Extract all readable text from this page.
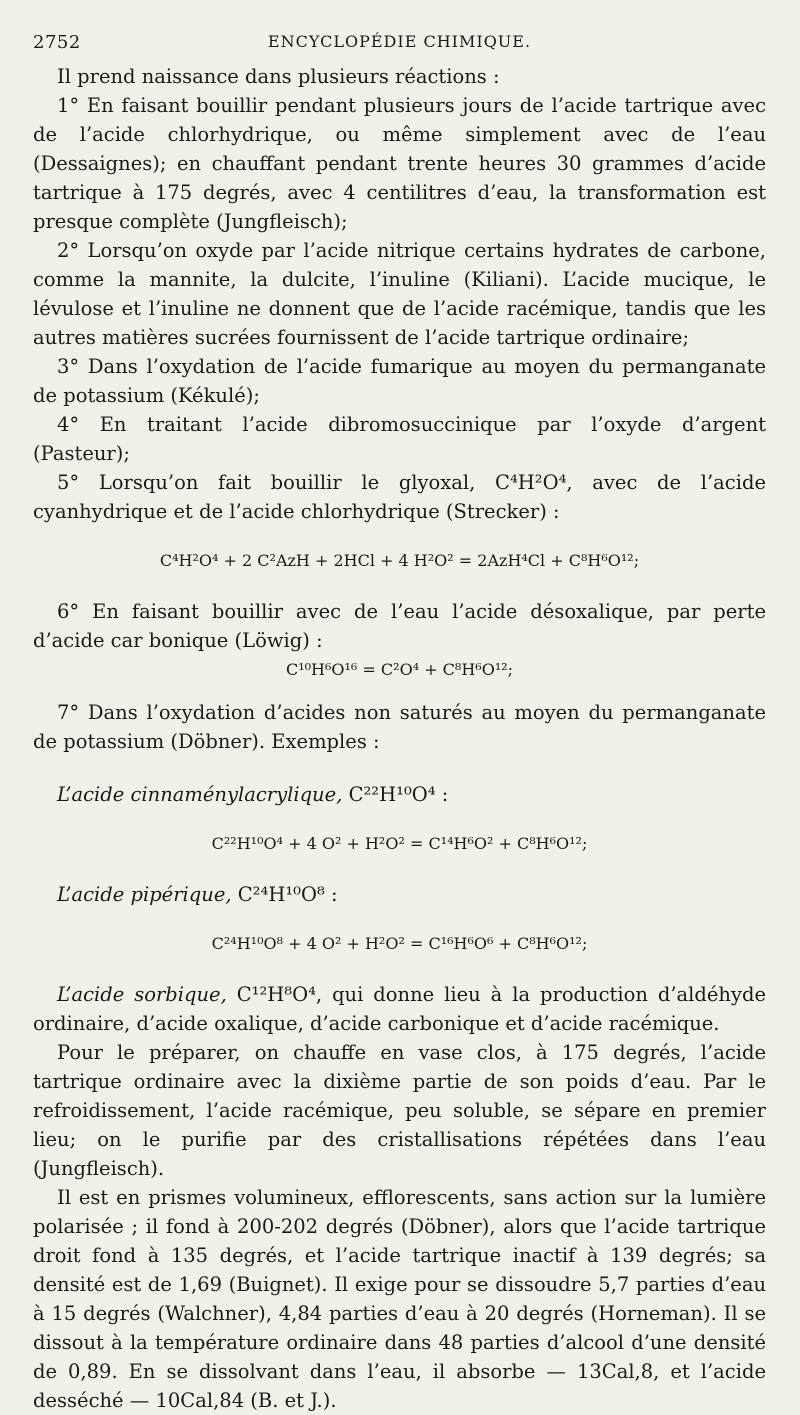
2752	ENCYCLOPÉDIE CHIMIQUE.

Il prend naissance dans plusieurs réactions :

1° En faisant bouillir pendant plusieurs jours de l’acide tartrique avec de l’acide chlorhydrique, ou même simplement avec de l’eau (Dessaignes); en chauffant pendant trente heures 30 grammes d’acide tartrique à 175 degrés, avec 4 centilitres d’eau, la transformation est presque complète (Jungfleisch);

2° Lorsqu’on oxyde par l’acide nitrique certains hydrates de carbone, comme la mannite, la dulcite, l’inuline (Kiliani). L’acide mucique, le lévulose et l’inuline ne donnent que de l’acide racémique, tandis que les autres matières sucrées fournissent de l’acide tartrique ordinaire;

3° Dans l’oxydation de l’acide fumarique au moyen du permanganate de potassium (Kékulé);

4° En traitant l’acide dibromosuccinique par l’oxyde d’argent (Pasteur);

5° Lorsqu’on fait bouillir le glyoxal, C⁴H²O⁴, avec de l’acide cyanhydrique et de l’acide chlorhydrique (Strecker) :

C⁴H²O⁴ + 2 C²AzH + 2HCl + 4 H²O² = 2AzH⁴Cl + C⁸H⁶O¹²;

6° En faisant bouillir avec de l’eau l’acide désoxalique, par perte d’acide car bonique (Löwig) :

C¹⁰H⁶O¹⁶ = C²O⁴ + C⁸H⁶O¹²;

7° Dans l’oxydation d’acides non saturés au moyen du permanganate de potassium (Döbner). Exemples :

L’acide cinnaménylacrylique, C²²H¹⁰O⁴ :

C²²H¹⁰O⁴ + 4 O² + H²O² = C¹⁴H⁶O² + C⁸H⁶O¹²;

L’acide pipérique, C²⁴H¹⁰O⁸ :

C²⁴H¹⁰O⁸ + 4 O² + H²O² = C¹⁶H⁶O⁶ + C⁸H⁶O¹²;

L’acide sorbique, C¹²H⁸O⁴, qui donne lieu à la production d’aldéhyde ordinaire, d’acide oxalique, d’acide carbonique et d’acide racémique.

Pour le préparer, on chauffe en vase clos, à 175 degrés, l’acide tartrique ordinaire avec la dixième partie de son poids d’eau. Par le refroidissement, l’acide racémique, peu soluble, se sépare en premier lieu; on le purifie par des cristallisations répétées dans l’eau (Jungfleisch).

Il est en prismes volumineux, efflorescents, sans action sur la lumière polarisée ; il fond à 200-202 degrés (Döbner), alors que l’acide tartrique droit fond à 135 degrés, et l’acide tartrique inactif à 139 degrés; sa densité est de 1,69 (Buignet). Il exige pour se dissoudre 5,7 parties d’eau à 15 degrés (Walchner), 4,84 parties d’eau à 20 degrés (Horneman). Il se dissout à la température ordinaire dans 48 parties d’alcool d’une densité de 0,89. En se dissolvant dans l’eau, il absorbe — 13Cal,8, et l’acide desséché — 10Cal,84 (B. et J.).
